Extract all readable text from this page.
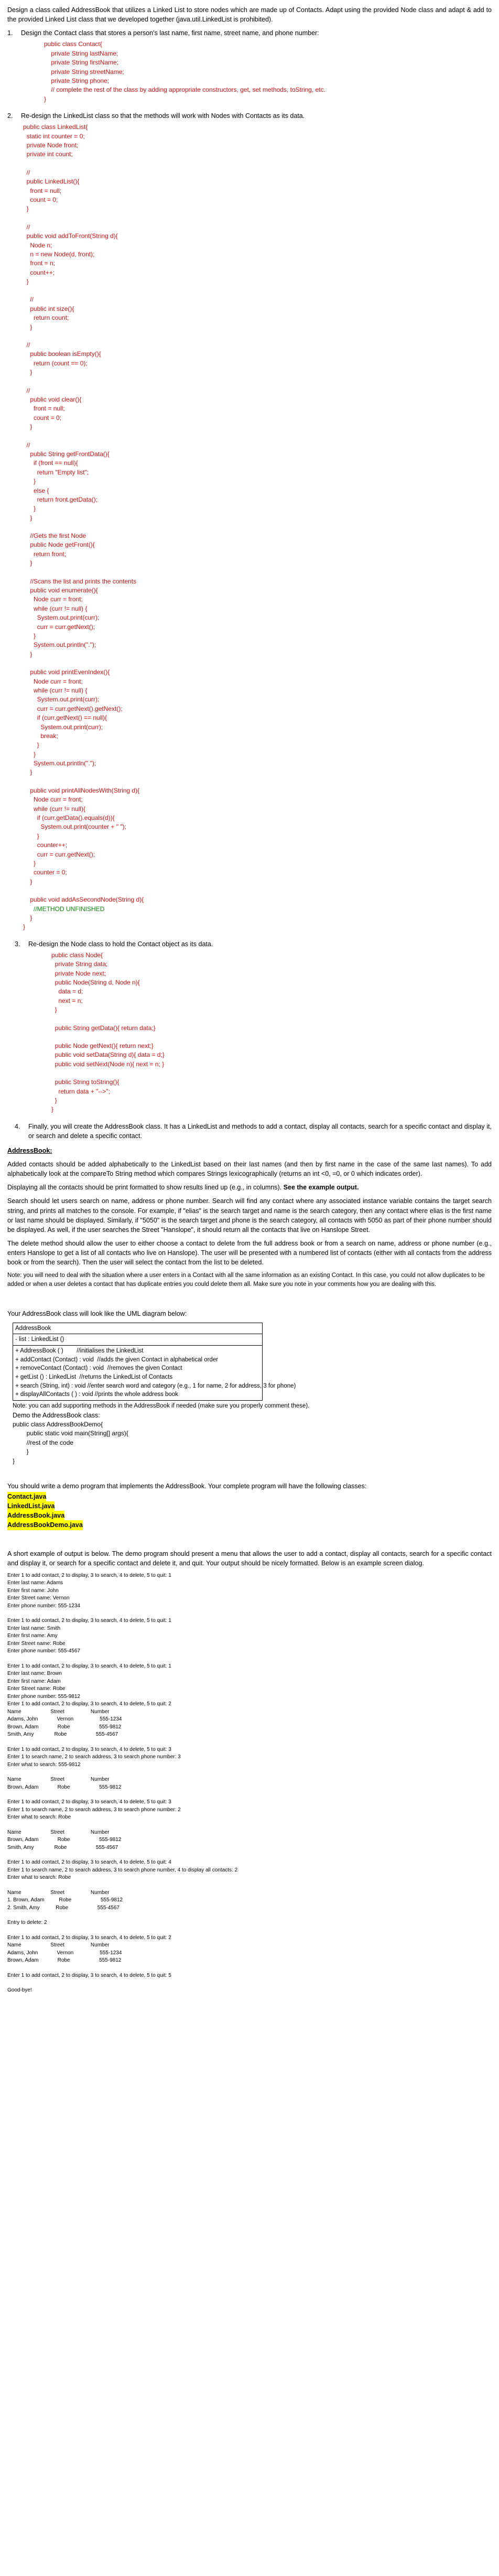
Design a class called AddressBook that utilizes a Linked List to store nodes which are made up of Contacts. Adapt using the provided Node class and adapt & add to the provided Linked List class that we developed together (java.util.LinkedList is prohibited).

1.	Design the Contact class that stores a person's last name, first name, street name, and phone number:
public class Contact{
private String lastName;
private String firstName;
private String streetName;
private String phone;
// complete the rest of the class by adding appropriate constructors, get, set methods, toString, etc.
}
2.	Re-design the LinkedList class so that the methods will work with Nodes with Contacts as its data.
public class LinkedList{
static int counter = 0;
private Node front;
private int count;
//
public LinkedList(){
front = null;
count = 0;
}
//
public void addToFront(String d){
Node n;
n = new Node(d, front);
front = n;
count++;
}
//
public int size(){
return count;
}
//
public boolean isEmpty(){
return (count == 0);
}
//
public void clear(){
front = null;
count = 0;
}
//
public String getFrontData(){
if (front == null){
return "Empty list";
}
else {
return front.getData();
}
}
//Gets the first Node
public Node getFront(){
return front;
}
//Scans the list and prints the contents
public void enumerate(){
Node curr = front;
while (curr != null) {
System.out.print(curr);
curr = curr.getNext();
}
System.out.println(".");
}
public void printEvenIndex(){
Node curr = front;
while (curr != null) {
System.out.print(curr);
curr = curr.getNext().getNext();
if (curr.getNext() == null){
System.out.print(curr);
break;
}
}
System.out.println(".");
}
public void printAllNodesWith(String d){
Node curr = front;
while (curr != null){
if (curr.getData().equals(d)){
System.out.print(counter + " ");
}
counter++;
curr = curr.getNext();
}
counter = 0;
}
public void addAsSecondNode(String d){
//METHOD UNFINISHED
}
}
3.	Re-design the Node class to hold the Contact object as its data.
public class Node{
private String data;
private Node next;
public Node(String d, Node n){
data = d;
next = n;
}
public String getData(){ return data;}
public Node getNext(){ return next;}
public void setData(String d){ data = d;}
public void setNext(Node n){ next = n; }
public String toString(){
return data + "-->";
}
}
4.	Finally, you will create the AddressBook class. It has a LinkedList and methods to add a contact, display all contacts, search for a specific contact and display it, or search and delete a specific contact.

AddressBook:

Added contacts should be added alphabetically to the LinkedList based on their last names (and then by first name in the case of the same last names). To add alphabetically look at the compareTo String method which compares Strings lexicographically (returns an int <0, =0, or 0 which indicates order).

Displaying all the contacts should be print formatted to show results lined up (e.g., in columns). See the example output.

Search should let users search on name, address or phone number. Search will find any contact where any associated instance variable contains the target search string, and prints all matches to the console. For example, if "elias" is the search target and name is the search category, then any contact where elias is the first name or last name should be displayed. Similarly, if "5050" is the search target and phone is the search category, all contacts with 5050 as part of their phone number should be displayed. As well, if the user searches the Street "Hanslope", it should return all the contacts that live on Hanslope Street.

The delete method should allow the user to either choose a contact to delete from the full address book or from a search on name, address or phone number (e.g., enters Hanslope to get a list of all contacts who live on Hanslope). The user will be presented with a numbered list of contacts (either with all contacts from the address book or from the search). Then the user will select the contact from the list to be deleted.

Note: you will need to deal with the situation where a user enters in a Contact with all the same information as an existing Contact. In this case, you could not allow duplicates to be added or when a user deletes a contact that has duplicate entries you could delete them all. Make sure you note in your comments how you are dealing with this.

Your AddressBook class will look like the UML diagram below:

AddressBook
- list : LinkedList ()
+ AddressBook ( )        //initialises the LinkedList
+ addContact (Contact) : void  //adds the given Contact in alphabetical order
+ removeContact (Contact) : void  //removes the given Contact
+ getList () : LinkedList  //returns the LinkedList of Contacts
+ search (String, int) : void //enter search word and category (e.g., 1 for name, 2 for address, 3 for phone)
+ displayAllContacts ( ) : void //prints the whole address book

Note: you can add supporting methods in the AddressBook if needed (make sure you properly comment these).

Demo the AddressBook class:

public class AddressBookDemo{
public static void main(String[] args){
//rest of the code
}
}

You should write a demo program that implements the AddressBook. Your complete program will have the following classes:

Contact.java
LinkedList.java
AddressBook.java
AddressBookDemo.java

A short example of output is below. The demo program should present a menu that allows the user to add a contact, display all contacts, search for a specific contact and display it, or search for a specific contact and delete it, and quit. Your output should be nicely formatted. Below is an example screen dialog.

Enter 1 to add contact, 2 to display, 3 to search, 4 to delete, 5 to quit: 1
Enter last name: Adams
Enter first name: John
Enter Street name: Vernon
Enter phone number: 555-1234
Enter 1 to add contact, 2 to display, 3 to search, 4 to delete, 5 to quit: 1
Enter last name: Smith
Enter first name: Amy
Enter Street name: Robe
Enter phone number: 555-4567
Enter 1 to add contact, 2 to display, 3 to search, 4 to delete, 5 to quit: 1
Enter last name: Brown
Enter first name: Adam
Enter Street name: Robe
Enter phone number: 555-9812
Enter 1 to add contact, 2 to display, 3 to search, 4 to delete, 5 to quit: 2
Name                    Street                  Number
Adams, John             Vernon                  555-1234
Brown, Adam             Robe                    555-9812
Smith, Amy              Robe                    555-4567
Enter 1 to add contact, 2 to display, 3 to search, 4 to delete, 5 to quit: 3
Enter 1 to search name, 2 to search address, 3 to search phone number: 3
Enter what to search: 555-9812
Name                    Street                  Number
Brown, Adam             Robe                    555-9812
Enter 1 to add contact, 2 to display, 3 to search, 4 to delete, 5 to quit: 3
Enter 1 to search name, 2 to search address, 3 to search phone number: 2
Enter what to search: Robe
Name                    Street                  Number
Brown, Adam             Robe                    555-9812
Smith, Amy              Robe                    555-4567
Enter 1 to add contact, 2 to display, 3 to search, 4 to delete, 5 to quit: 4
Enter 1 to search name, 2 to search address, 3 to search phone number, 4 to display all contacts: 2
Enter what to search: Robe
Name                    Street                  Number
1. Brown, Adam          Robe                    555-9812
2. Smith, Amy           Robe                    555-4567
Entry to delete: 2
Enter 1 to add contact, 2 to display, 3 to search, 4 to delete, 5 to quit: 2
Name                    Street                  Number
Adams, John             Vernon                  555-1234
Brown, Adam             Robe                    555-9812
Enter 1 to add contact, 2 to display, 3 to search, 4 to delete, 5 to quit: 5
Good-bye!
